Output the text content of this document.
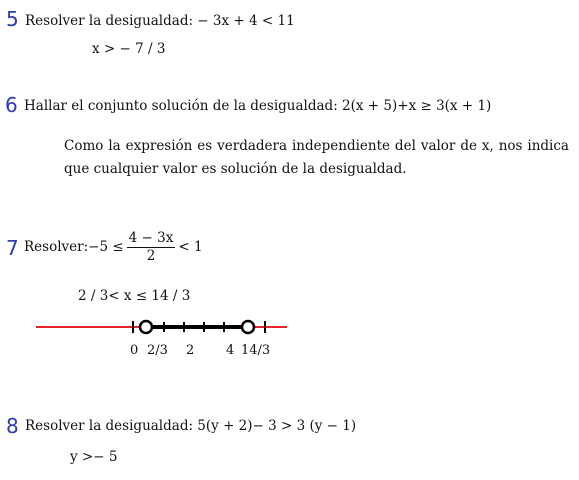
5 Resolver la desigualdad: − 3x + 4 < 11
x > − 7 / 3
6 Hallar el conjunto solución de la desigualdad: 2(x + 5)+x ≥ 3(x + 1)
Como la expresión es verdadera independiente del valor de x, nos indica que cualquier valor es solución de la desigualdad.
7 Resolver:−5 ≤ $\frac{4 - 3x}{2} < 1$
2 / 3< x ≤ 14 / 3
0 2/3 2 4 14/3
8 Resolver la desigualdad: 5(y + 2)− 3 > 3 (y − 1)
y >− 5
